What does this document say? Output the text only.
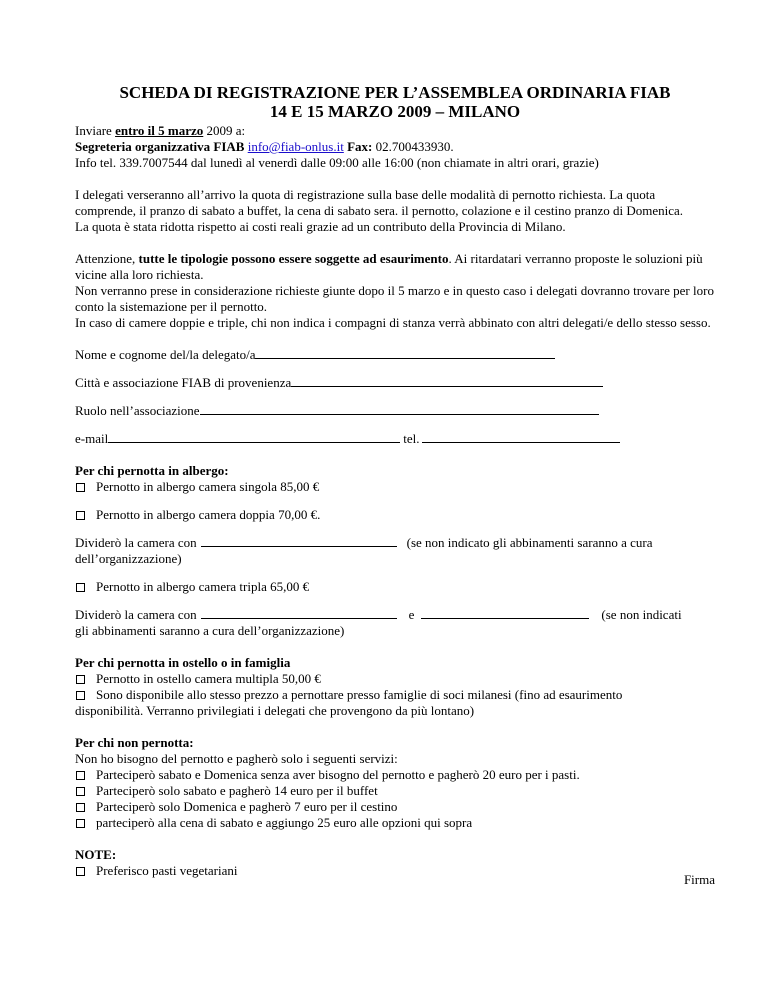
SCHEDA DI REGISTRAZIONE PER L’ASSEMBLEA ORDINARIA FIAB
14 E 15 MARZO 2009 – MILANO

Inviare entro il 5 marzo 2009 a:

Segreteria organizzativa FIAB info@fiab-onlus.it Fax: 02.700433930.

Info tel. 339.7007544 dal lunedì al venerdì dalle 09:00 alle 16:00 (non chiamate in altri orari, grazie)

I delegati verseranno all’arrivo la quota di registrazione sulla base delle modalità di pernotto richiesta. La quota comprende, il pranzo di sabato a buffet, la cena di sabato sera. il pernotto, colazione e il cestino pranzo di Domenica.

La quota è stata ridotta rispetto ai costi reali grazie ad un contributo della Provincia di Milano.

Attenzione, tutte le tipologie possono essere soggette ad esaurimento. Ai ritardatari verranno proposte le soluzioni più vicine alla loro richiesta.

Non verranno prese in considerazione richieste giunte dopo il 5 marzo e in questo caso i delegati dovranno trovare per loro conto la sistemazione per il pernotto.

In caso di camere doppie e triple, chi non indica i compagni di stanza verrà abbinato con altri delegati/e dello stesso sesso.

Nome e cognome del/la delegato/a
Città e associazione FIAB di provenienza
Ruolo nell’associazione
e-mail	tel.

Per chi pernotta in albergo:

Pernotto in albergo camera singola 85,00 €

Pernotto in albergo camera doppia 70,00 €.

Dividerò la camera con	(se non indicato gli abbinamenti saranno a cura

dell’organizzazione)

Pernotto in albergo camera tripla 65,00 €

Dividerò la camera con	e	(se non indicati

gli abbinamenti saranno a cura dell’organizzazione)

Per chi pernotta in ostello o in famiglia

Pernotto in ostello camera multipla 50,00 €

Sono disponibile allo stesso prezzo a pernottare presso famiglie di soci milanesi (fino ad esaurimento

disponibilità. Verranno privilegiati i delegati che provengono da più lontano)

Per chi non pernotta:

Non ho bisogno del pernotto e pagherò solo i seguenti servizi:

Parteciperò sabato e Domenica senza aver bisogno del pernotto e pagherò 20 euro per i pasti.

Parteciperò solo sabato e pagherò 14 euro per il buffet

Parteciperò solo Domenica e pagherò 7 euro per il cestino

parteciperò alla cena di sabato e aggiungo 25 euro alle opzioni qui sopra

NOTE:

Preferisco pasti vegetariani

Firma
